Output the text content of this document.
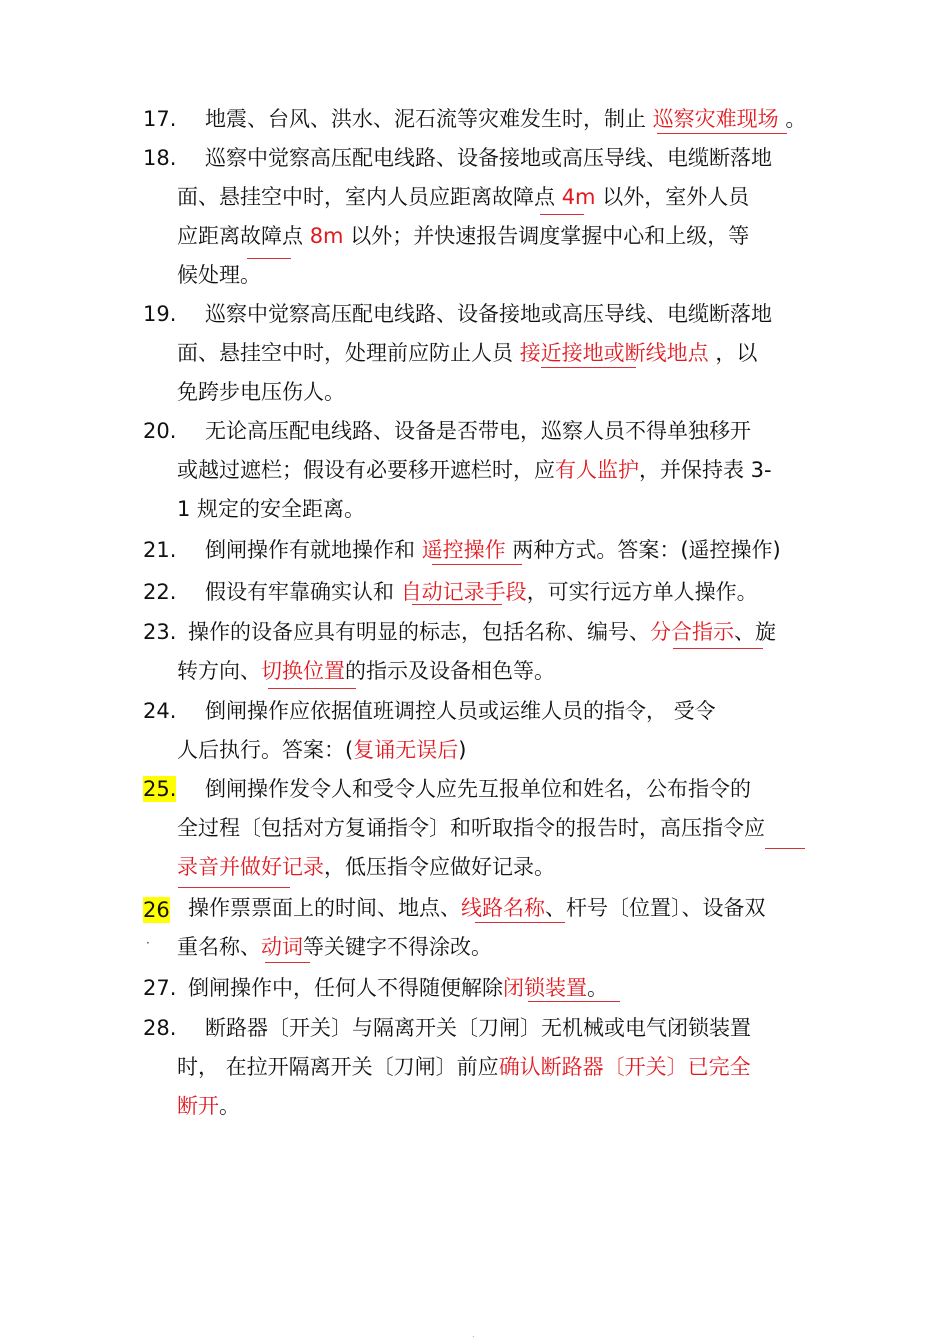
17. 地震、台风、洪水、泥石流等灾难发生时，制止 巡察灾难现场 。
18. 巡察中觉察高压配电线路、设备接地或高压导线、电缆断落地
面、悬挂空中时，室内人员应距离故障点 4m 以外，室外人员
应距离故障点 8m 以外；并快速报告调度掌握中心和上级，等
候处理。
19. 巡察中觉察高压配电线路、设备接地或高压导线、电缆断落地
面、悬挂空中时，处理前应防止人员 接近接地或断线地点 ，以
免跨步电压伤人。
20. 无论高压配电线路、设备是否带电，巡察人员不得单独移开
或越过遮栏；假设有必要移开遮栏时，应有人监护，并保持表 3-
1 规定的安全距离。
21. 倒闸操作有就地操作和 遥控操作 两种方式。答案：(遥控操作)
22. 假设有牢靠确实认和 自动记录手段，可实行远方单人操作。
23. 操作的设备应具有明显的标志，包括名称、编号、分合指示、旋
转方向、切换位置的指示及设备相色等。
24. 倒闸操作应依据值班调控人员或运维人员的指令， 受令
人后执行。答案：(复诵无误后)
25. 倒闸操作发令人和受令人应先互报单位和姓名，公布指令的
全过程〔包括对方复诵指令〕和听取指令的报告时，高压指令应
录音并做好记录，低压指令应做好记录。
26 操作票票面上的时间、地点、线路名称、杆号〔位置〕、设备双
重名称、动词等关键字不得涂改。
27. 倒闸操作中，任何人不得随便解除闭锁装置。
28. 断路器〔开关〕与隔离开关〔刀闸〕无机械或电气闭锁装置
时， 在拉开隔离开关〔刀闸〕前应确认断路器〔开关〕已完全
断开。
·
.
